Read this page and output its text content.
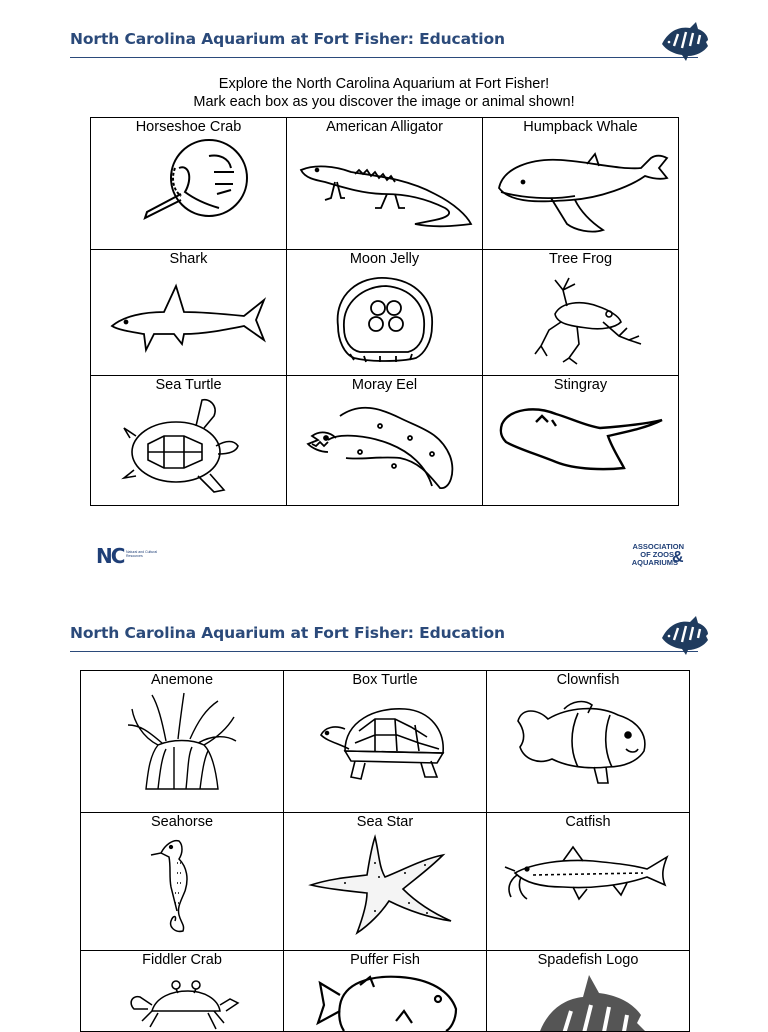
North Carolina Aquarium at Fort Fisher: Education
Explore the North Carolina Aquarium at Fort Fisher!
Mark each box as you discover the image or animal shown!
Horseshoe Crab	American Alligator	Humpback Whale

Shark	Moon Jelly	Tree Frog

Sea Turtle	Moray Eel	Stingray
NC Natural and Cultural Resources
ASSOCIATION
OF ZOOS
AQUARIUMS
&
North Carolina Aquarium at Fort Fisher: Education
Anemone	Box Turtle	Clownfish

Seahorse	Sea Star	Catfish

Fiddler Crab	Puffer Fish	Spadefish Logo
